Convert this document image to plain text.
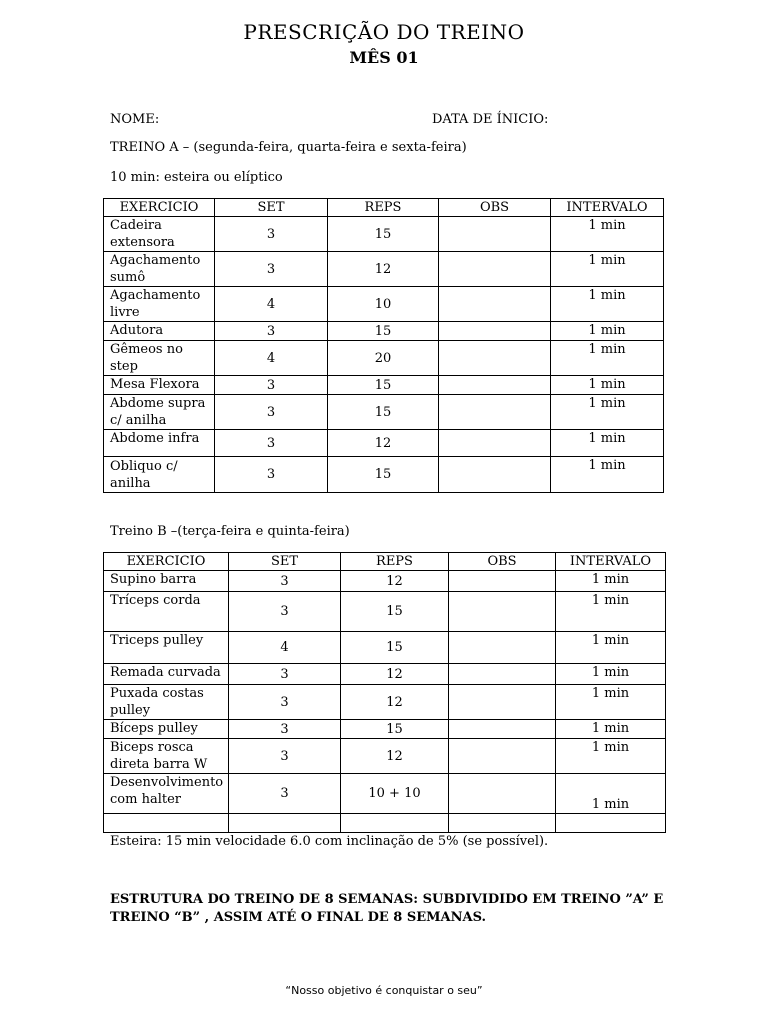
PRESCRIÇÃO DO TREINO
MÊS 01
NOME:	DATA DE ÍNICIO:
TREINO A – (segunda-feira, quarta-feira e sexta-feira)
10 min: esteira ou elíptico
EXERCICIO	SET	REPS	OBS	INTERVALO
Cadeira extensora	3	15		1 min
Agachamento sumô	3	12		1 min
Agachamento livre	4	10		1 min
Adutora	3	15		1 min
Gêmeos no step	4	20		1 min
Mesa Flexora	3	15		1 min
Abdome supra c/ anilha	3	15		1 min
Abdome infra	3	12		1 min
Obliquo c/ anilha	3	15		1 min
Treino B –(terça-feira e quinta-feira)
EXERCICIO	SET	REPS	OBS	INTERVALO
Supino barra	3	12		1 min
Tríceps corda	3	15		1 min
Triceps pulley	4	15		1 min
Remada curvada	3	12		1 min
Puxada costas pulley	3	12		1 min
Bíceps pulley	3	15		1 min
Biceps rosca direta barra W	3	12		1 min
Desenvolvimento com halter	3	10 + 10		1 min

Esteira: 15 min velocidade 6.0 com inclinação de 5% (se possível).
ESTRUTURA DO TREINO DE 8 SEMANAS: SUBDIVIDIDO EM TREINO ”A” E
TREINO “B” , ASSIM ATÉ O FINAL DE 8 SEMANAS.
“Nosso objetivo é conquistar o seu”
